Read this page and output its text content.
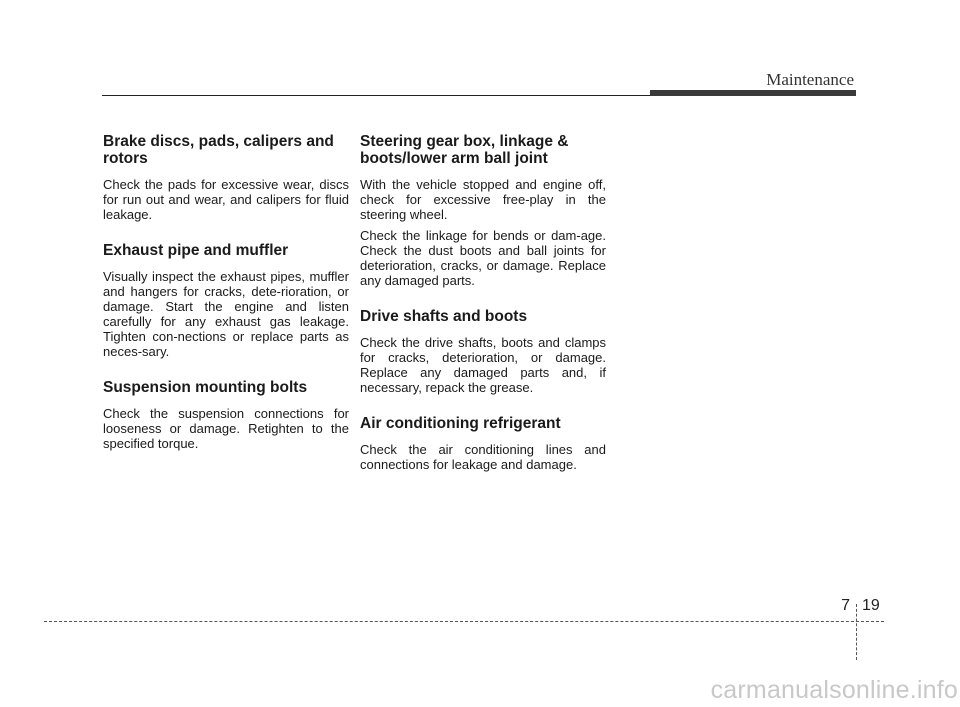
Maintenance
Brake discs, pads, calipers and rotors

Check the pads for excessive wear, discs for run out and wear, and calipers for fluid leakage.

Exhaust pipe and muffler

Visually inspect the exhaust pipes, muffler and hangers for cracks, dete-rioration, or damage. Start the engine and listen carefully for any exhaust gas leakage. Tighten con-nections or replace parts as neces-sary.

Suspension mounting bolts

Check the suspension connections for looseness or damage. Retighten to the specified torque.

Steering gear box, linkage & boots/lower arm ball joint

With the vehicle stopped and engine off, check for excessive free-play in the steering wheel.

Check the linkage for bends or dam-age. Check the dust boots and ball joints for deterioration, cracks, or damage. Replace any damaged parts.

Drive shafts and boots

Check the drive shafts, boots and clamps for cracks, deterioration, or damage. Replace any damaged parts and, if necessary, repack the grease.

Air conditioning refrigerant

Check the air conditioning lines and connections for leakage and damage.

7 19
carmanualsonline.info
